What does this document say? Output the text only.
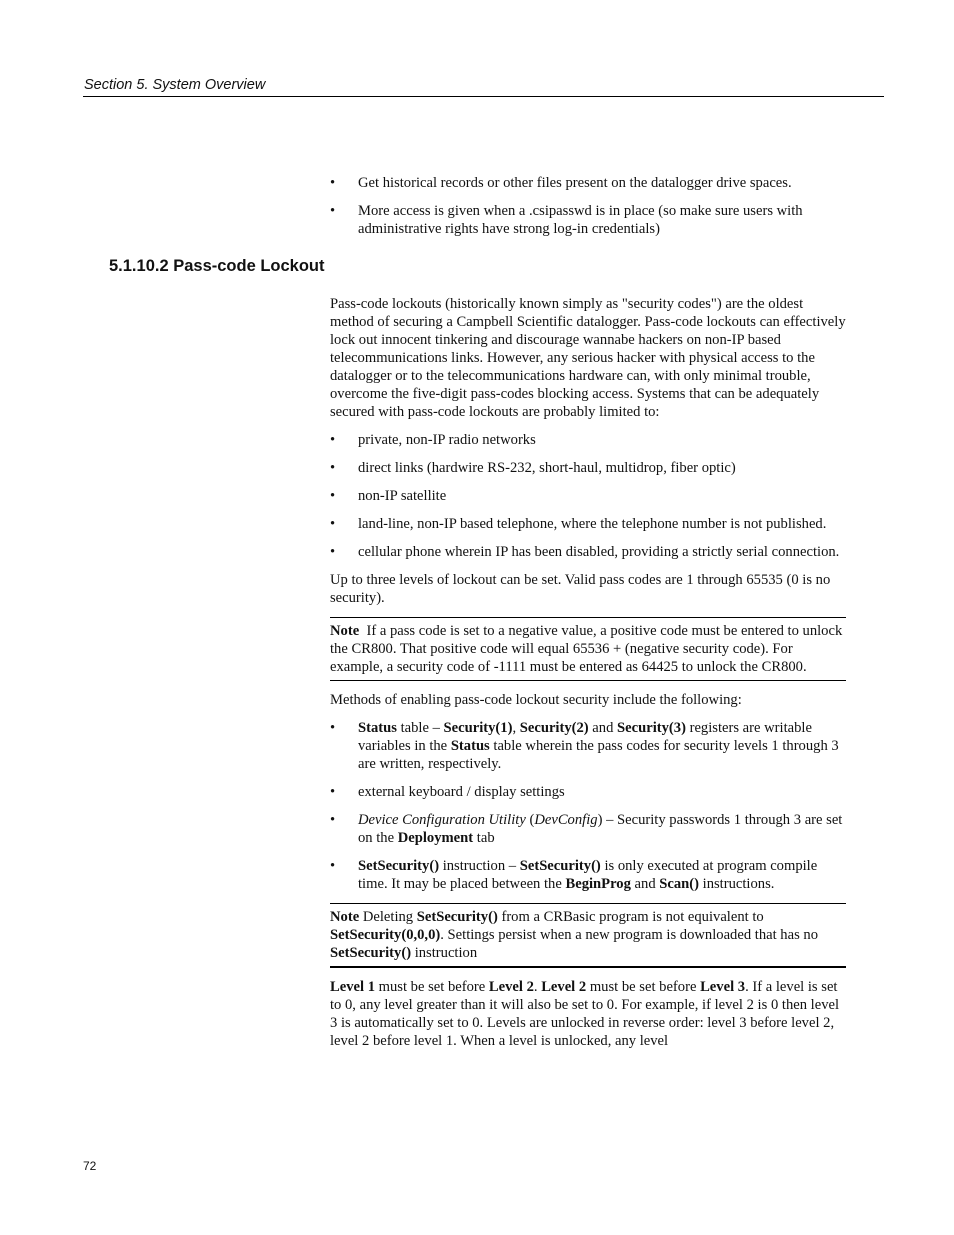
Section 5. System Overview
5.1.10.2 Pass-code Lockout
• Get historical records or other files present on the datalogger drive spaces.
• More access is given when a .csipasswd is in place (so make sure users with administrative rights have strong log-in credentials)

Pass-code lockouts (historically known simply as "security codes") are the oldest method of securing a Campbell Scientific datalogger. Pass-code lockouts can effectively lock out innocent tinkering and discourage wannabe hackers on non-IP based telecommunications links. However, any serious hacker with physical access to the datalogger or to the telecommunications hardware can, with only minimal trouble, overcome the five-digit pass-codes blocking access. Systems that can be adequately secured with pass-code lockouts are probably limited to:

• private, non-IP radio networks
• direct links (hardwire RS-232, short-haul, multidrop, fiber optic)
• non-IP satellite
• land-line, non-IP based telephone, where the telephone number is not published.
• cellular phone wherein IP has been disabled, providing a strictly serial connection.

Up to three levels of lockout can be set. Valid pass codes are 1 through 65535 (0 is no security).

Note If a pass code is set to a negative value, a positive code must be entered to unlock the CR800. That positive code will equal 65536 + (negative security code). For example, a security code of -1111 must be entered as 64425 to unlock the CR800.

Methods of enabling pass-code lockout security include the following:

• Status table – Security(1), Security(2) and Security(3) registers are writable variables in the Status table wherein the pass codes for security levels 1 through 3 are written, respectively.
• external keyboard / display settings
• Device Configuration Utility (DevConfig) – Security passwords 1 through 3 are set on the Deployment tab
• SetSecurity() instruction – SetSecurity() is only executed at program compile time. It may be placed between the BeginProg and Scan() instructions.
Note Deleting SetSecurity() from a CRBasic program is not equivalent to SetSecurity(0,0,0). Settings persist when a new program is downloaded that has no SetSecurity() instruction

Level 1 must be set before Level 2. Level 2 must be set before Level 3. If a level is set to 0, any level greater than it will also be set to 0. For example, if level 2 is 0 then level 3 is automatically set to 0. Levels are unlocked in reverse order: level 3 before level 2, level 2 before level 1. When a level is unlocked, any level

72
